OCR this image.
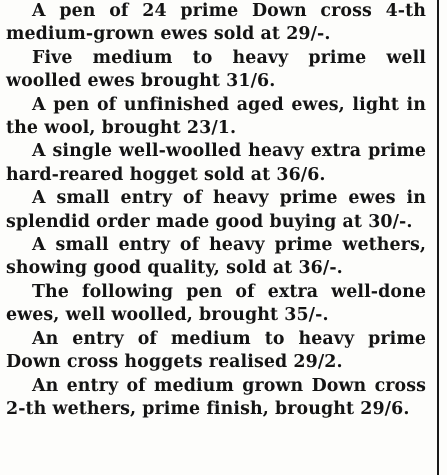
A pen of 24 prime Down cross 4-th medium-grown ewes sold at 29/-.

Five medium to heavy prime well woolled ewes brought 31/6.

A pen of unfinished aged ewes, light in the wool, brought 23/1.

A single well-woolled heavy extra prime hard-reared hogget sold at 36/6.

A small entry of heavy prime ewes in splendid order made good buying at 30/-.

A small entry of heavy prime wethers, showing good quality, sold at 36/-.

The following pen of extra well-done ewes, well woolled, brought 35/-.

An entry of medium to heavy prime Down cross hoggets realised 29/2.

An entry of medium grown Down cross 2-th wethers, prime finish, brought 29/6.
